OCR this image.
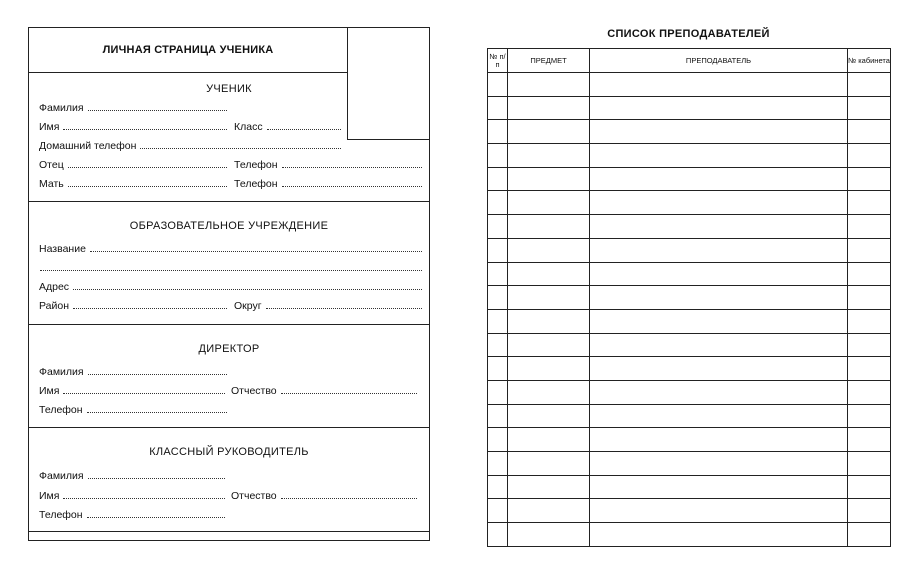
ЛИЧНАЯ СТРАНИЦА УЧЕНИКА
УЧЕНИК
Фамилия
Имя	Класс
Домашний телефон
Отец	Телефон
Мать	Телефон
ОБРАЗОВАТЕЛЬНОЕ УЧРЕЖДЕНИЕ
Название
Адрес
Район	Округ
ДИРЕКТОР
Фамилия
Имя	Отчество
Телефон
КЛАССНЫЙ РУКОВОДИТЕЛЬ
Фамилия
Имя	Отчество
Телефон
СПИСОК ПРЕПОДАВАТЕЛЕЙ
№ п/п	ПРЕДМЕТ	ПРЕПОДАВАТЕЛЬ	№ кабинета
